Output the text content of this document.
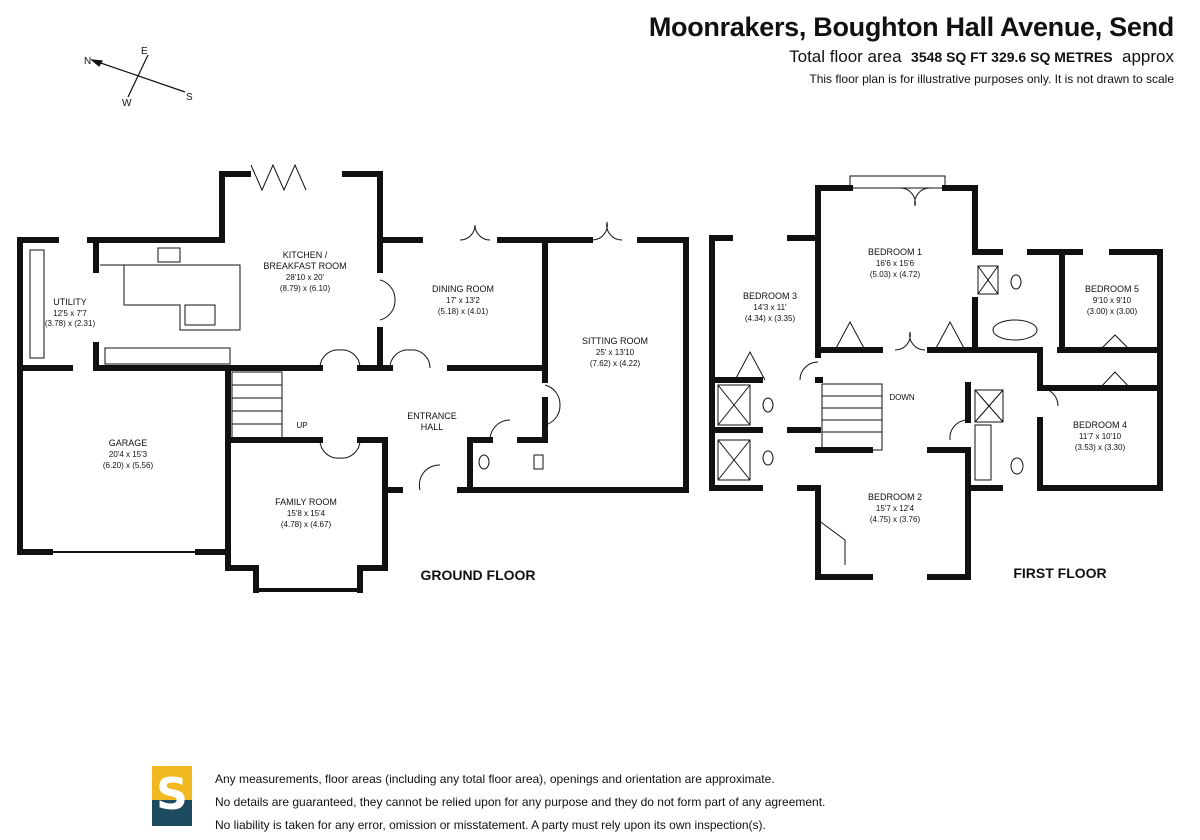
Moonrakers, Boughton Hall Avenue, Send
Total floor area 3548 SQ FT 329.6 SQ METRES approx
This floor plan is for illustrative purposes only. It is not drawn to scale
N
E
S
W
UTILITY
12'5 x 7'7
(3.78) x (2.31)
KITCHEN /
BREAKFAST ROOM
28'10 x 20'
(8.79) x (6.10)	DINING ROOM
17' x 13'2
(5.18) x (4.01)
SITTING ROOM
25' x 13'10
(7.62) x (4.22)
GARAGE
20'4 x 15'3
(6.20) x (5.56)
ENTRANCE
HALL
FAMILY ROOM
15'8 x 15'4
(4.78) x (4.67)
UP
GROUND FLOOR
BEDROOM 1
16'6 x 15'6
(5.03) x (4.72)
BEDROOM 3
14'3 x 11'
(4.34) x (3.35)
BEDROOM 5
9'10 x 9'10
(3.00) x (3.00)
BEDROOM 4
11'7 x 10'10
(3.53) x (3.30)
BEDROOM 2
15'7 x 12'4
(4.75) x (3.76)
DOWN
FIRST FLOOR
S	Any measurements, floor areas (including any total floor area), openings and orientation are approximate.
No details are guaranteed, they cannot be relied upon for any purpose and they do not form part of any agreement.
No liability is taken for any error, omission or misstatement. A party must rely upon its own inspection(s).
